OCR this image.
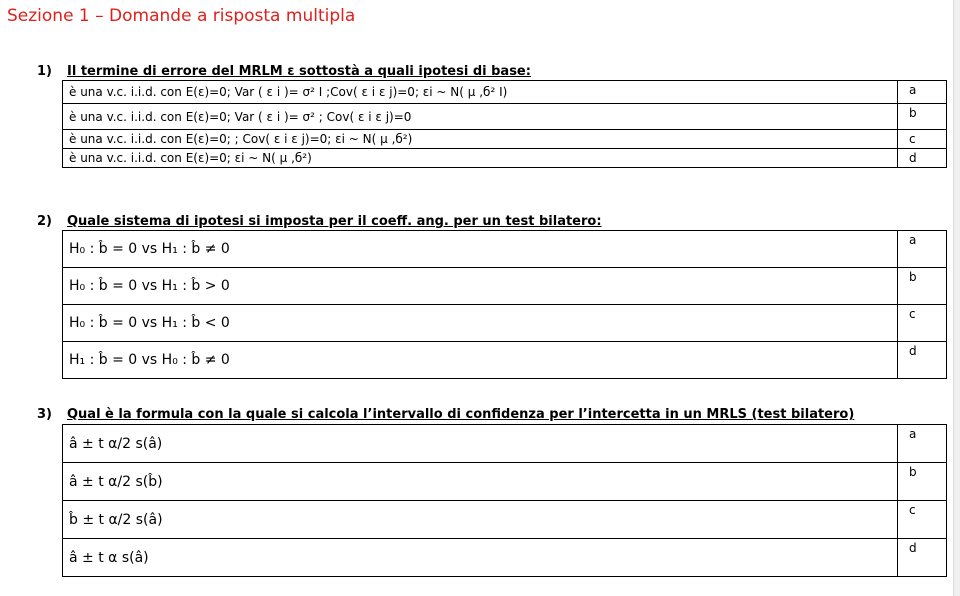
Sezione 1 – Domande a risposta multipla
1) Il termine di errore del MRLM ε sottostà a quali ipotesi di base:
è una v.c. i.i.d. con E(ε)=0; Var ( ε i )= σ² I ;Cov( ε i ε j)=0; εi ~ N( μ ,б² I)	a
è una v.c. i.i.d. con E(ε)=0; Var ( ε i )= σ² ; Cov( ε i ε j)=0	b
è una v.c. i.i.d. con E(ε)=0; ; Cov( ε i ε j)=0; εi ~ N( μ ,б²)	c
è una v.c. i.i.d. con E(ε)=0; εi ~ N( μ ,б²)	d
2) Quale sistema di ipotesi si imposta per il coeff. ang. per un test bilatero:
H₀ : b̂ = 0 vs H₁ : b̂ ≠ 0	a
H₀ : b̂ = 0 vs H₁ : b̂ > 0	b
H₀ : b̂ = 0 vs H₁ : b̂ < 0	c
H₁ : b̂ = 0 vs H₀ : b̂ ≠ 0	d
3) Qual è la formula con la quale si calcola l’intervallo di confidenza per l’intercetta in un MRLS (test bilatero)
â ± t α/2 s(â)	a
â ± t α/2 s(b̂)	b
b̂ ± t α/2 s(â)	c
â ± t α s(â)	d
